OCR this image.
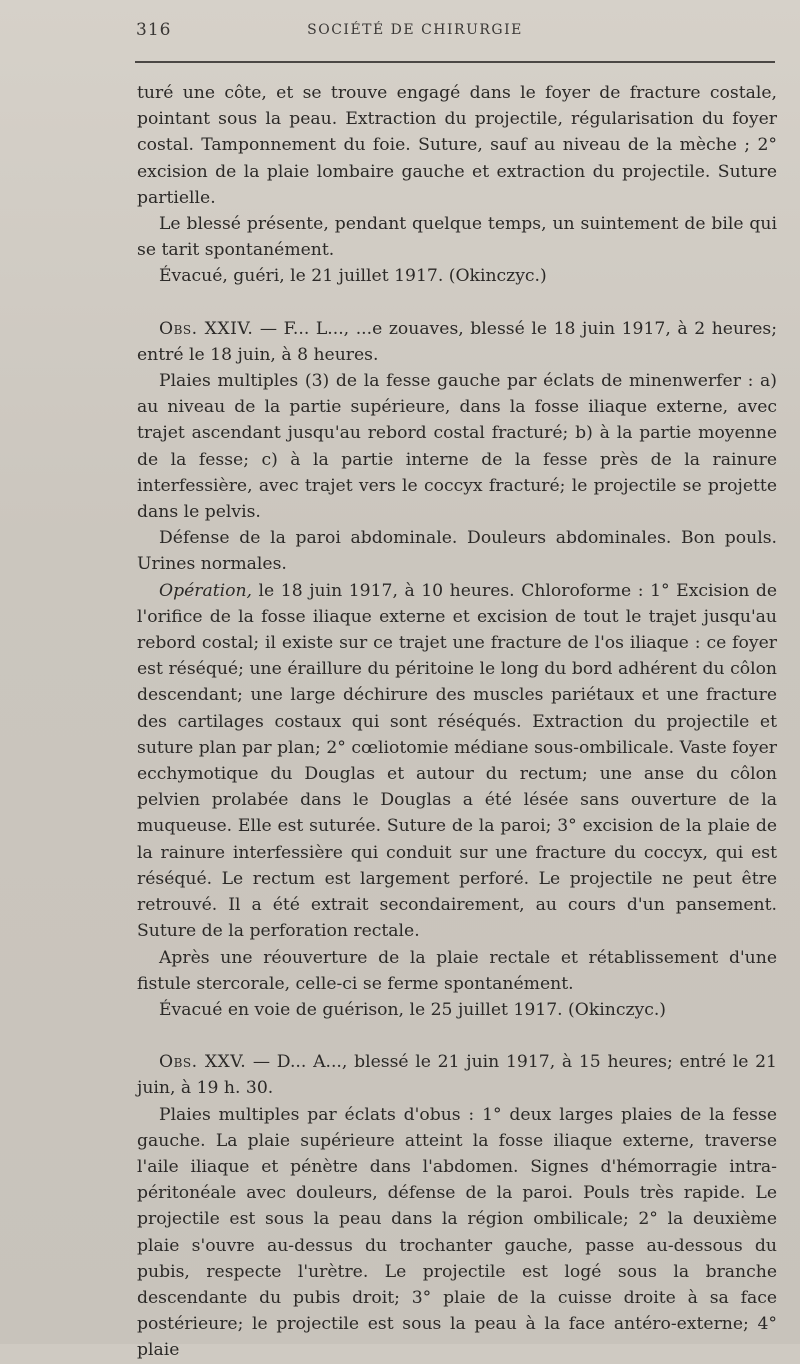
316	SOCIÉTÉ DE CHIRURGIE

turé une côte, et se trouve engagé dans le foyer de fracture costale, pointant sous la peau. Extraction du projectile, régularisation du foyer costal. Tamponnement du foie. Suture, sauf au niveau de la mèche ; 2° excision de la plaie lombaire gauche et extraction du projectile. Suture partielle.

Le blessé présente, pendant quelque temps, un suintement de bile qui se tarit spontanément.

Évacué, guéri, le 21 juillet 1917. (Okinczyc.)

Obs. XXIV. — F... L..., ...e zouaves, blessé le 18 juin 1917, à 2 heures; entré le 18 juin, à 8 heures.

Plaies multiples (3) de la fesse gauche par éclats de minenwerfer : a) au niveau de la partie supérieure, dans la fosse iliaque externe, avec trajet ascendant jusqu'au rebord costal fracturé; b) à la partie moyenne de la fesse; c) à la partie interne de la fesse près de la rainure interfessière, avec trajet vers le coccyx fracturé; le projectile se projette dans le pelvis.

Défense de la paroi abdominale. Douleurs abdominales. Bon pouls. Urines normales.

Opération, le 18 juin 1917, à 10 heures. Chloroforme : 1° Excision de l'orifice de la fosse iliaque externe et excision de tout le trajet jusqu'au rebord costal; il existe sur ce trajet une fracture de l'os iliaque : ce foyer est réséqué; une éraillure du péritoine le long du bord adhérent du côlon descendant; une large déchirure des muscles pariétaux et une fracture des cartilages costaux qui sont réséqués. Extraction du projectile et suture plan par plan; 2° cœliotomie médiane sous-ombilicale. Vaste foyer ecchymotique du Douglas et autour du rectum; une anse du côlon pelvien prolabée dans le Douglas a été lésée sans ouverture de la muqueuse. Elle est suturée. Suture de la paroi; 3° excision de la plaie de la rainure interfessière qui conduit sur une fracture du coccyx, qui est réséqué. Le rectum est largement perforé. Le projectile ne peut être retrouvé. Il a été extrait secondairement, au cours d'un pansement. Suture de la perforation rectale.

Après une réouverture de la plaie rectale et rétablissement d'une fistule stercorale, celle-ci se ferme spontanément.

Évacué en voie de guérison, le 25 juillet 1917. (Okinczyc.)

Obs. XXV. — D... A..., blessé le 21 juin 1917, à 15 heures; entré le 21 juin, à 19 h. 30.

Plaies multiples par éclats d'obus : 1° deux larges plaies de la fesse gauche. La plaie supérieure atteint la fosse iliaque externe, traverse l'aile iliaque et pénètre dans l'abdomen. Signes d'hémorragie intra-péritonéale avec douleurs, défense de la paroi. Pouls très rapide. Le projectile est sous la peau dans la région ombilicale; 2° la deuxième plaie s'ouvre au-dessus du trochanter gauche, passe au-dessous du pubis, respecte l'urètre. Le projectile est logé sous la branche descendante du pubis droit; 3° plaie de la cuisse droite à sa face postérieure; le projectile est sous la peau à la face antéro-externe; 4° plaie
